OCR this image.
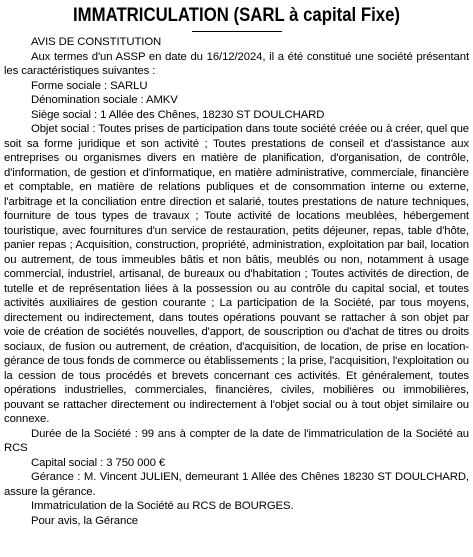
IMMATRICULATION (SARL à capital Fixe)

AVIS DE CONSTITUTION

Aux termes d'un ASSP en date du 16/12/2024, il a été constitué une société présentant les caractéristiques suivantes :

Forme sociale : SARLU

Dénomination sociale : AMKV

Siège social : 1 Allée des Chênes, 18230 ST DOULCHARD

Objet social : Toutes prises de participation dans toute société créée ou à créer, quel que soit sa forme juridique et son activité ; Toutes prestations de conseil et d'assistance aux entreprises ou organismes divers en matière de planification, d'organisation, de contrôle, d'information, de gestion et d'informatique, en matière administrative, commerciale, financière et comptable, en matière de relations publiques et de consommation interne ou externe, l'arbitrage et la conciliation entre direction et salarié, toutes prestations de nature techniques, fourniture de tous types de travaux ; Toute activité de locations meublées, hébergement touristique, avec fournitures d'un service de restauration, petits déjeuner, repas, table d'hôte, panier repas ; Acquisition, construction, propriété, administration, exploitation par bail, location ou autrement, de tous immeubles bâtis et non bâtis, meublés ou non, notamment à usage commercial, industriel, artisanal, de bureaux ou d'habitation ; Toutes activités de direction, de tutelle et de représentation liées à la possession ou au contrôle du capital social, et toutes activités auxiliaires de gestion courante ; La participation de la Société, par tous moyens, directement ou indirectement, dans toutes opérations pouvant se rattacher à son objet par voie de création de sociétés nouvelles, d'apport, de souscription ou d'achat de titres ou droits sociaux, de fusion ou autrement, de création, d'acquisition, de location, de prise en location-gérance de tous fonds de commerce ou établissements ; la prise, l'acquisition, l'exploitation ou la cession de tous procédés et brevets concernant ces activités. Et généralement, toutes opérations industrielles, commerciales, financières, civiles, mobilières ou immobilières, pouvant se rattacher directement ou indirectement à l'objet social ou à tout objet similaire ou connexe.

Durée de la Société : 99 ans à compter de la date de l'immatriculation de la Société au RCS

Capital social : 3 750 000 €

Gérance : M. Vincent JULIEN, demeurant 1 Allée des Chênes 18230 ST DOULCHARD, assure la gérance.

Immatriculation de la Société au RCS de BOURGES.

Pour avis, la Gérance
